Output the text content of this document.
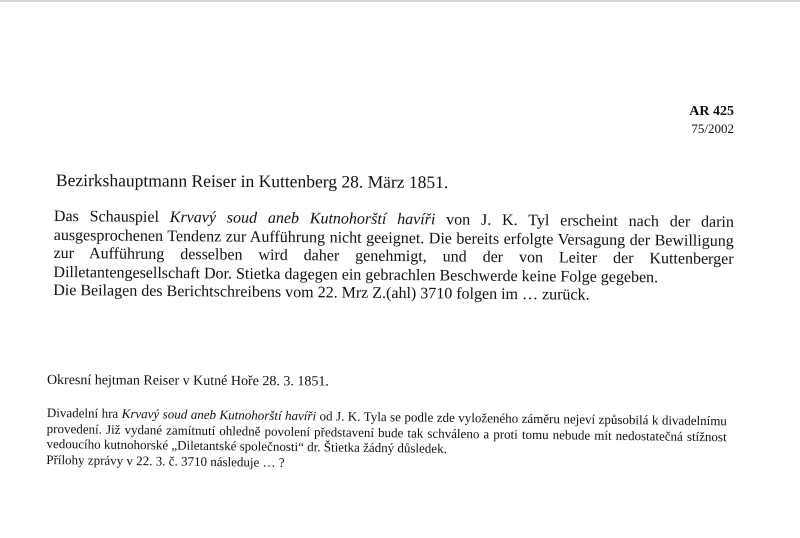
AR 425
75/2002
Bezirkshauptmann Reiser in Kuttenberg 28. März 1851.

Das Schauspiel Krvavý soud aneb Kutnohorští havíři von J. K. Tyl erscheint nach der darin ausgesprochenen Tendenz zur Aufführung nicht geeignet. Die bereits erfolgte Versagung der Bewilligung zur Aufführung desselben wird daher genehmigt, und der von Leiter der Kuttenberger Dilletantengesellschaft Dor. Stietka dagegen ein gebrachlen Beschwerde keine Folge gegeben.

Die Beilagen des Berichtschreibens vom 22. Mrz Z.(ahl) 3710 folgen im … zurück.

Okresní hejtman Reiser v Kutné Hoře 28. 3. 1851.

Divadelní hra Krvavý soud aneb Kutnohorští havíři od J. K. Tyla se podle zde vyloženého záměru nejeví způsobilá k divadelnímu provedení. Již vydané zamítnutí ohledně povolení představení bude tak schváleno a proti tomu nebude mít nedostatečná stížnost vedoucího kutnohorské „Diletantské společnosti“ dr. Štietka žádný důsledek.

Přílohy zprávy v 22. 3. č. 3710 následuje … ?
